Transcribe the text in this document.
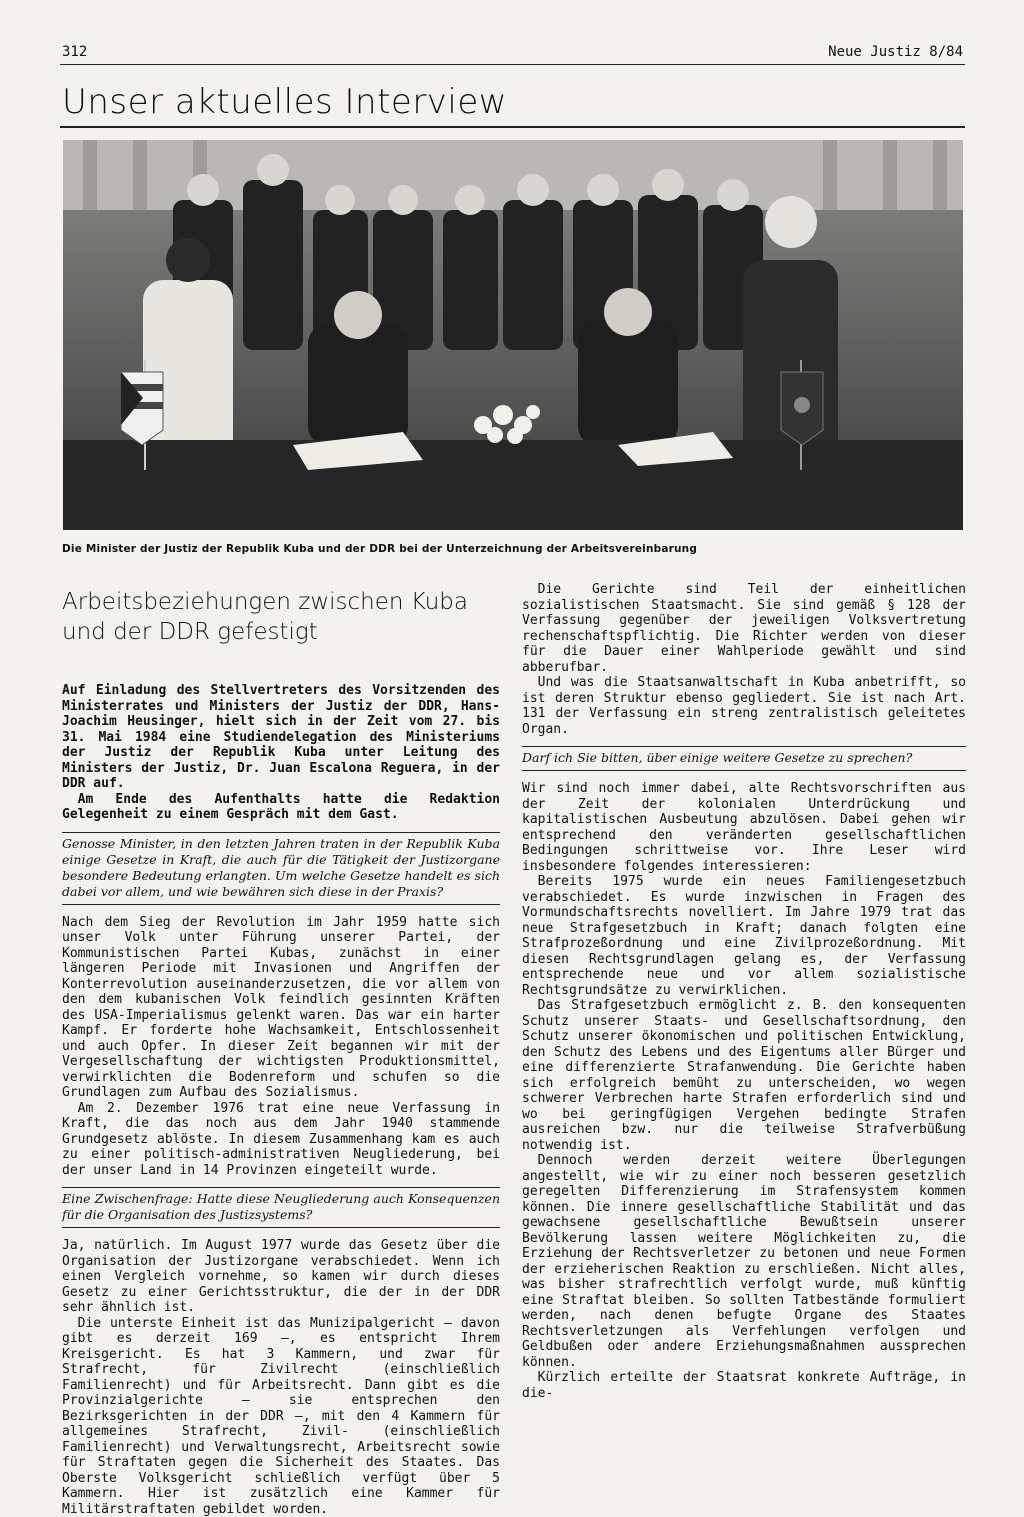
312	Neue Justiz 8/84
Unser aktuelles Interview
Die Minister der Justiz der Republik Kuba und der DDR bei der Unterzeichnung der Arbeitsvereinbarung
Arbeitsbeziehungen zwischen Kuba
und der DDR gefestigt

Auf Einladung des Stellvertreters des Vorsitzenden des Ministerrates und Ministers der Justiz der DDR, Hans-Joachim Heusinger, hielt sich in der Zeit vom 27. bis 31. Mai 1984 eine Studiendelegation des Ministeriums der Justiz der Republik Kuba unter Leitung des Ministers der Justiz, Dr. Juan Escalona Reguera, in der DDR auf.

Am Ende des Aufenthalts hatte die Redaktion Gelegenheit zu einem Gespräch mit dem Gast.

Genosse Minister, in den letzten Jahren traten in der Republik Kuba einige Gesetze in Kraft, die auch für die Tätigkeit der Justizorgane besondere Bedeutung erlangten. Um welche Gesetze handelt es sich dabei vor allem, und wie bewähren sich diese in der Praxis?

Nach dem Sieg der Revolution im Jahr 1959 hatte sich unser Volk unter Führung unserer Partei, der Kommunistischen Partei Kubas, zunächst in einer längeren Periode mit Invasionen und Angriffen der Konterrevolution auseinanderzusetzen, die vor allem von den dem kubanischen Volk feindlich gesinnten Kräften des USA-Imperialismus gelenkt waren. Das war ein harter Kampf. Er forderte hohe Wachsamkeit, Entschlossenheit und auch Opfer. In dieser Zeit begannen wir mit der Vergesellschaftung der wichtigsten Produktionsmittel, verwirklichten die Bodenreform und schufen so die Grundlagen zum Aufbau des Sozialismus.

Am 2. Dezember 1976 trat eine neue Verfassung in Kraft, die das noch aus dem Jahr 1940 stammende Grundgesetz ablöste. In diesem Zusammenhang kam es auch zu einer politisch-administrativen Neugliederung, bei der unser Land in 14 Provinzen eingeteilt wurde.

Eine Zwischenfrage: Hatte diese Neugliederung auch Konsequenzen für die Organisation des Justizsystems?

Ja, natürlich. Im August 1977 wurde das Gesetz über die Organisation der Justizorgane verabschiedet. Wenn ich einen Vergleich vornehme, so kamen wir durch dieses Gesetz zu einer Gerichtsstruktur, die der in der DDR sehr ähnlich ist.

Die unterste Einheit ist das Munizipalgericht — davon gibt es derzeit 169 —, es entspricht Ihrem Kreisgericht. Es hat 3 Kammern, und zwar für Strafrecht, für Zivilrecht (einschließlich Familienrecht) und für Arbeitsrecht. Dann gibt es die Provinzialgerichte — sie entsprechen den Bezirksgerichten in der DDR —, mit den 4 Kammern für allgemeines Strafrecht, Zivil- (einschließlich Familienrecht) und Verwaltungsrecht, Arbeitsrecht sowie für Straftaten gegen die Sicherheit des Staates. Das Oberste Volksgericht schließlich verfügt über 5 Kammern. Hier ist zusätzlich eine Kammer für Militärstraftaten gebildet worden.

Die Gerichte sind Teil der einheitlichen sozialistischen Staatsmacht. Sie sind gemäß § 128 der Verfassung gegenüber der jeweiligen Volksvertretung rechenschaftspflichtig. Die Richter werden von dieser für die Dauer einer Wahlperiode gewählt und sind abberufbar.

Und was die Staatsanwaltschaft in Kuba anbetrifft, so ist deren Struktur ebenso gegliedert. Sie ist nach Art. 131 der Verfassung ein streng zentralistisch geleitetes Organ.

Darf ich Sie bitten, über einige weitere Gesetze zu sprechen?

Wir sind noch immer dabei, alte Rechtsvorschriften aus der Zeit der kolonialen Unterdrückung und kapitalistischen Ausbeutung abzulösen. Dabei gehen wir entsprechend den veränderten gesellschaftlichen Bedingungen schrittweise vor. Ihre Leser wird insbesondere folgendes interessieren:

Bereits 1975 wurde ein neues Familiengesetzbuch verabschiedet. Es wurde inzwischen in Fragen des Vormundschaftsrechts novelliert. Im Jahre 1979 trat das neue Strafgesetzbuch in Kraft; danach folgten eine Strafprozeßordnung und eine Zivilprozeßordnung. Mit diesen Rechtsgrundlagen gelang es, der Verfassung entsprechende neue und vor allem sozialistische Rechtsgrundsätze zu verwirklichen.

Das Strafgesetzbuch ermöglicht z. B. den konsequenten Schutz unserer Staats- und Gesellschaftsordnung, den Schutz unserer ökonomischen und politischen Entwicklung, den Schutz des Lebens und des Eigentums aller Bürger und eine differenzierte Strafanwendung. Die Gerichte haben sich erfolgreich bemüht zu unterscheiden, wo wegen schwerer Verbrechen harte Strafen erforderlich sind und wo bei geringfügigen Vergehen bedingte Strafen ausreichen bzw. nur die teilweise Strafverbüßung notwendig ist.

Dennoch werden derzeit weitere Überlegungen angestellt, wie wir zu einer noch besseren gesetzlich geregelten Differenzierung im Strafensystem kommen können. Die innere gesellschaftliche Stabilität und das gewachsene gesellschaftliche Bewußtsein unserer Bevölkerung lassen weitere Möglichkeiten zu, die Erziehung der Rechtsverletzer zu betonen und neue Formen der erzieherischen Reaktion zu erschließen. Nicht alles, was bisher strafrechtlich verfolgt wurde, muß künftig eine Straftat bleiben. So sollten Tatbestände formuliert werden, nach denen befugte Organe des Staates Rechtsverletzungen als Verfehlungen verfolgen und Geldbußen oder andere Erziehungsmaßnahmen aussprechen können.

Kürzlich erteilte der Staatsrat konkrete Aufträge, in die-
